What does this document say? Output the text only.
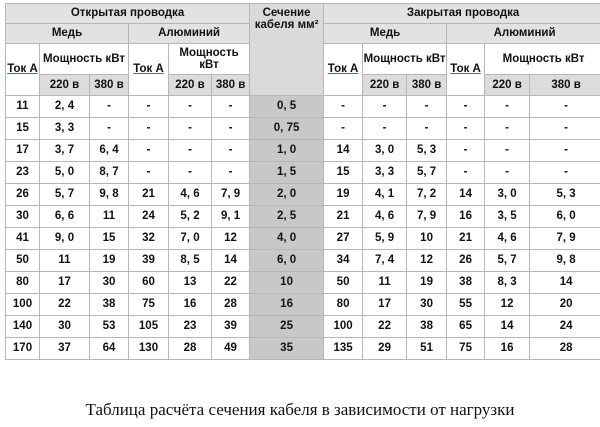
Открытая проводка						Сечение кабеля мм²	Закрытая проводка					
Медь			Алюминий				Медь			Алюминий		
Ток А	Мощность кВт		Ток А	Мощность кВт			Ток А	Мощность кВт		Ток А	Мощность кВт	
	220 в	380 в		220 в	380 в			220 в	380 в		220 в	380 в
11	2, 4	-	-	-	-	0, 5	-	-	-	-	-	-
15	3, 3	-	-	-	-	0, 75	-	-	-	-	-	-
17	3, 7	6, 4	-	-	-	1, 0	14	3, 0	5, 3	-	-	-
23	5, 0	8, 7	-	-	-	1, 5	15	3, 3	5, 7	-	-	-
26	5, 7	9, 8	21	4, 6	7, 9	2, 0	19	4, 1	7, 2	14	3, 0	5, 3
30	6, 6	11	24	5, 2	9, 1	2, 5	21	4, 6	7, 9	16	3, 5	6, 0
41	9, 0	15	32	7, 0	12	4, 0	27	5, 9	10	21	4, 6	7, 9
50	11	19	39	8, 5	14	6, 0	34	7, 4	12	26	5, 7	9, 8
80	17	30	60	13	22	10	50	11	19	38	8, 3	14
100	22	38	75	16	28	16	80	17	30	55	12	20
140	30	53	105	23	39	25	100	22	38	65	14	24
170	37	64	130	28	49	35	135	29	51	75	16	28
Таблица расчёта сечения кабеля в зависимости от нагрузки
